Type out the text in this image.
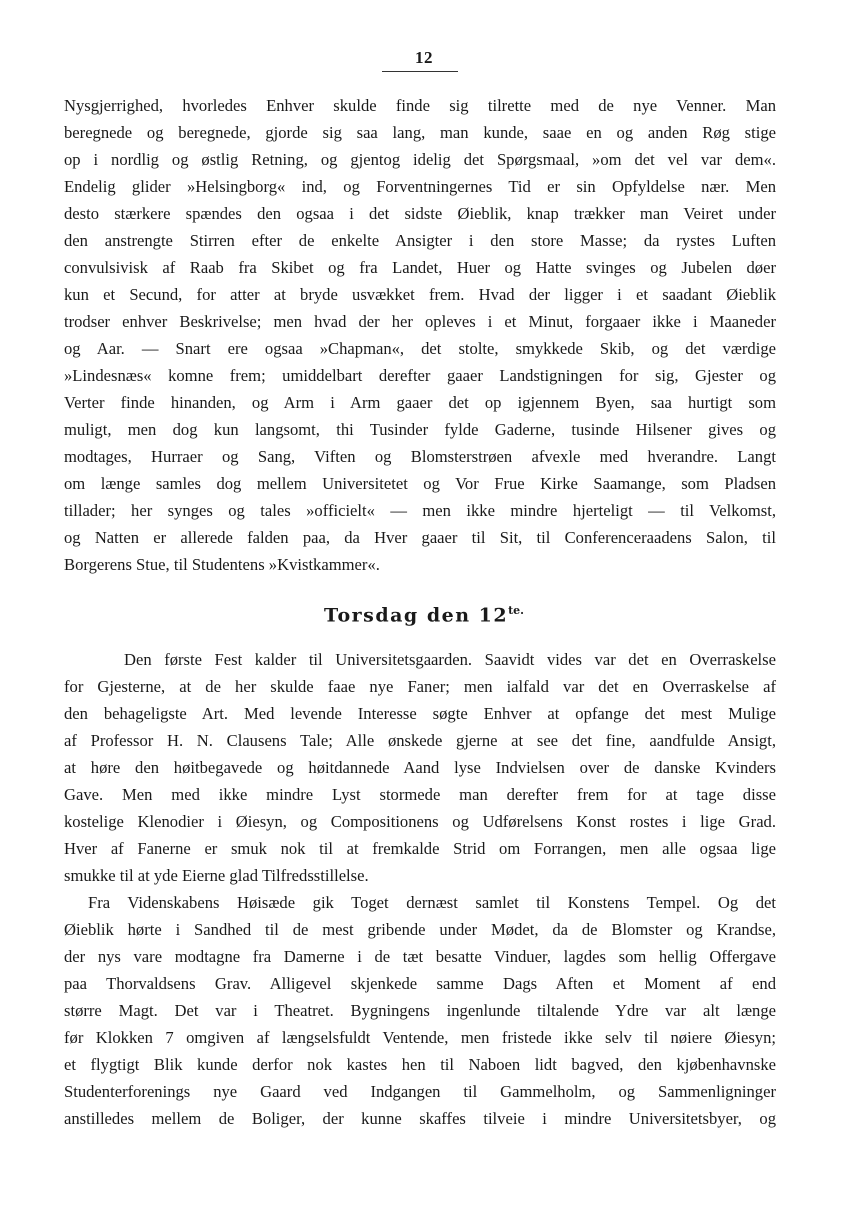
12
Nysgjerrighed, hvorledes Enhver skulde finde sig tilrette med de nye Venner. Man
beregnede og beregnede, gjorde sig saa lang, man kunde, saae en og anden Røg stige
op i nordlig og østlig Retning, og gjentog idelig det Spørgsmaal, »om det vel var dem«.
Endelig glider »Helsingborg« ind, og Forventningernes Tid er sin Opfyldelse nær. Men
desto stærkere spændes den ogsaa i det sidste Øieblik, knap trækker man Veiret under
den anstrengte Stirren efter de enkelte Ansigter i den store Masse; da rystes Luften
convulsivisk af Raab fra Skibet og fra Landet, Huer og Hatte svinges og Jubelen døer
kun et Secund, for atter at bryde usvækket frem. Hvad der ligger i et saadant Øieblik
trodser enhver Beskrivelse; men hvad der her opleves i et Minut, forgaaer ikke i Maaneder
og Aar. — Snart ere ogsaa »Chapman«, det stolte, smykkede Skib, og det værdige
»Lindesnæs« komne frem; umiddelbart derefter gaaer Landstigningen for sig, Gjester og
Verter finde hinanden, og Arm i Arm gaaer det op igjennem Byen, saa hurtigt som
muligt, men dog kun langsomt, thi Tusinder fylde Gaderne, tusinde Hilsener gives og
modtages, Hurraer og Sang, Viften og Blomsterstrøen afvexle med hverandre. Langt
om længe samles dog mellem Universitetet og Vor Frue Kirke Saamange, som Pladsen
tillader; her synges og tales »officielt« — men ikke mindre hjerteligt — til Velkomst,
og Natten er allerede falden paa, da Hver gaaer til Sit, til Conferenceraadens Salon, til
Borgerens Stue, til Studentens »Kvistkammer«.
Torsdag den $12^{te.}$
Den første Fest kalder til Universitetsgaarden. Saavidt vides var det en Overraskelse
for Gjesterne, at de her skulde faae nye Faner; men ialfald var det en Overraskelse af
den behageligste Art. Med levende Interesse søgte Enhver at opfange det mest Mulige
af Professor H. N. Clausens Tale; Alle ønskede gjerne at see det fine, aandfulde Ansigt,
at høre den høitbegavede og høitdannede Aand lyse Indvielsen over de danske Kvinders
Gave. Men med ikke mindre Lyst stormede man derefter frem for at tage disse
kostelige Klenodier i Øiesyn, og Compositionens og Udførelsens Konst rostes i lige Grad.
Hver af Fanerne er smuk nok til at fremkalde Strid om Forrangen, men alle ogsaa lige
smukke til at yde Eierne glad Tilfredsstillelse.
Fra Videnskabens Høisæde gik Toget dernæst samlet til Konstens Tempel. Og det
Øieblik hørte i Sandhed til de mest gribende under Mødet, da de Blomster og Krandse,
der nys vare modtagne fra Damerne i de tæt besatte Vinduer, lagdes som hellig Offergave
paa Thorvaldsens Grav. Alligevel skjenkede samme Dags Aften et Moment af end
større Magt. Det var i Theatret. Bygningens ingenlunde tiltalende Ydre var alt længe
før Klokken 7 omgiven af længselsfuldt Ventende, men fristede ikke selv til nøiere Øiesyn;
et flygtigt Blik kunde derfor nok kastes hen til Naboen lidt bagved, den kjøbenhavnske
Studenterforenings nye Gaard ved Indgangen til Gammelholm, og Sammenligninger
anstilledes mellem de Boliger, der kunne skaffes tilveie i mindre Universitetsbyer, og
